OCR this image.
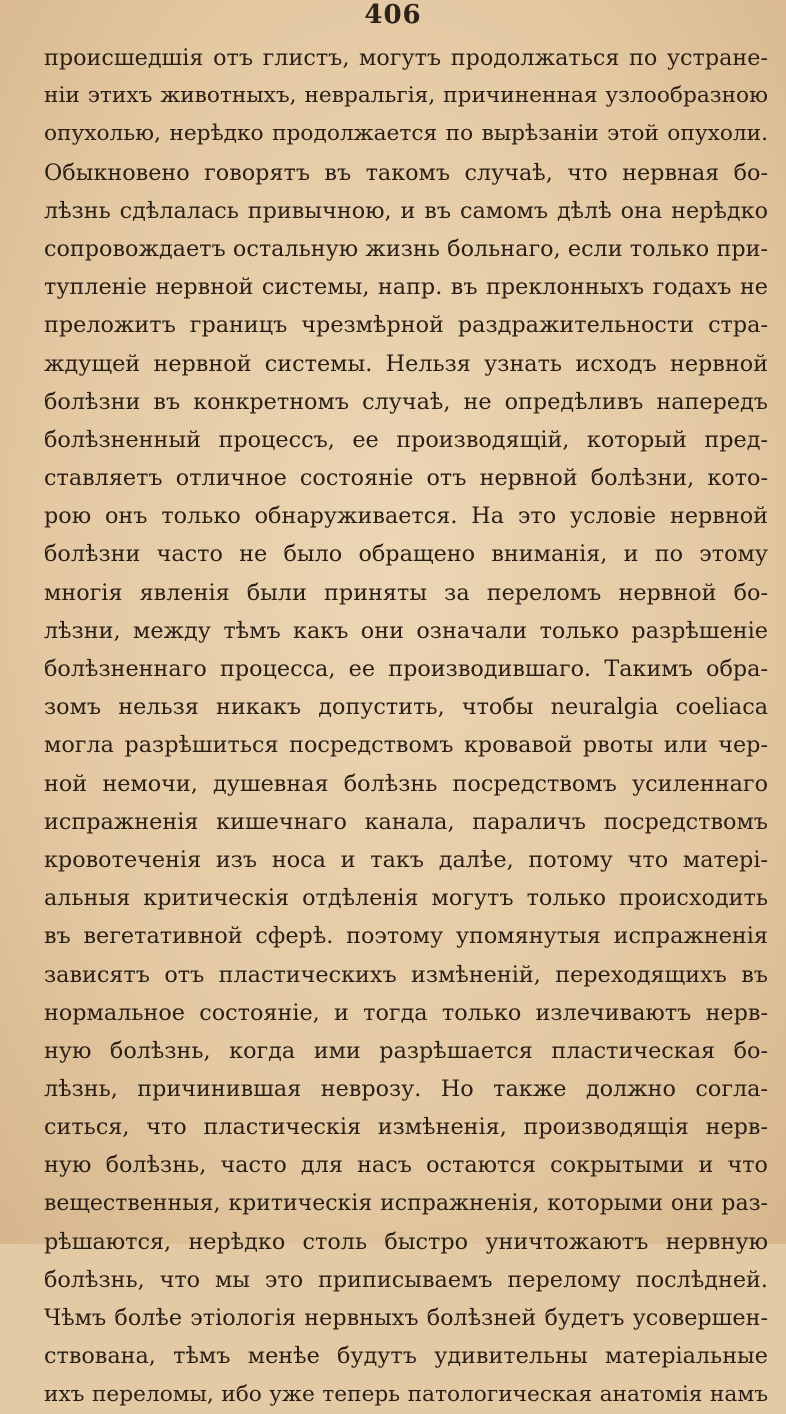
406
происшедшія отъ глистъ, могутъ продолжаться по устране-
ніи этихъ животныхъ, невральгія, причиненная узлообразною
опухолью, нерѣдко продолжается по вырѣзаніи этой опухоли.
Обыкновено говорятъ въ такомъ случаѣ, что нервная бо-
лѣзнь сдѣлалась привычною, и въ самомъ дѣлѣ она нерѣдко
сопровождаетъ остальную жизнь больнаго, если только при-
тупленіе нервной системы, напр. въ преклонныхъ годахъ не
преложитъ границъ чрезмѣрной раздражительности стра-
ждущей нервной системы. Нельзя узнать исходъ нервной
болѣзни въ конкретномъ случаѣ, не опредѣливъ напередъ
болѣзненный процессъ, ее производящій, который пред-
ставляетъ отличное состояніе отъ нервной болѣзни, кото-
рою онъ только обнаруживается. На это условіе нервной
болѣзни часто не было обращено вниманія, и по этому
многія явленія были приняты за переломъ нервной бо-
лѣзни, между тѣмъ какъ они означали только разрѣшеніе
болѣзненнаго процесса, ее производившаго. Такимъ обра-
зомъ нельзя никакъ допустить, чтобы neuralgia coeliaca
могла разрѣшиться посредствомъ кровавой рвоты или чер-
ной немочи, душевная болѣзнь посредствомъ усиленнаго
испражненія кишечнаго канала, параличъ посредствомъ
кровотеченія изъ носа и такъ далѣе, потому что матерi-
альныя критическія отдѣленія могутъ только происходить
въ вегетативной сферѣ. поэтому упомянутыя испражненія
зависятъ отъ пластическихъ измѣненій, переходящихъ въ
нормальное состояніе, и тогда только излечиваютъ нерв-
ную болѣзнь, когда ими разрѣшается пластическая бо-
лѣзнь, причинившая неврозу. Но также должно согла-
ситься, что пластическія измѣненія, производящія нерв-
ную болѣзнь, часто для насъ остаются сокрытыми и что
вещественныя, критическія испражненія, которыми они раз-
рѣшаются, нерѣдко столь быстро уничтожаютъ нервную
болѣзнь, что мы это приписываемъ перелому послѣдней.
Чѣмъ болѣе этіологія нервныхъ болѣзней будетъ усовершен-
ствована, тѣмъ менѣе будутъ удивительны матерiальные
ихъ переломы, ибо уже теперь патологическая анатомія намъ
